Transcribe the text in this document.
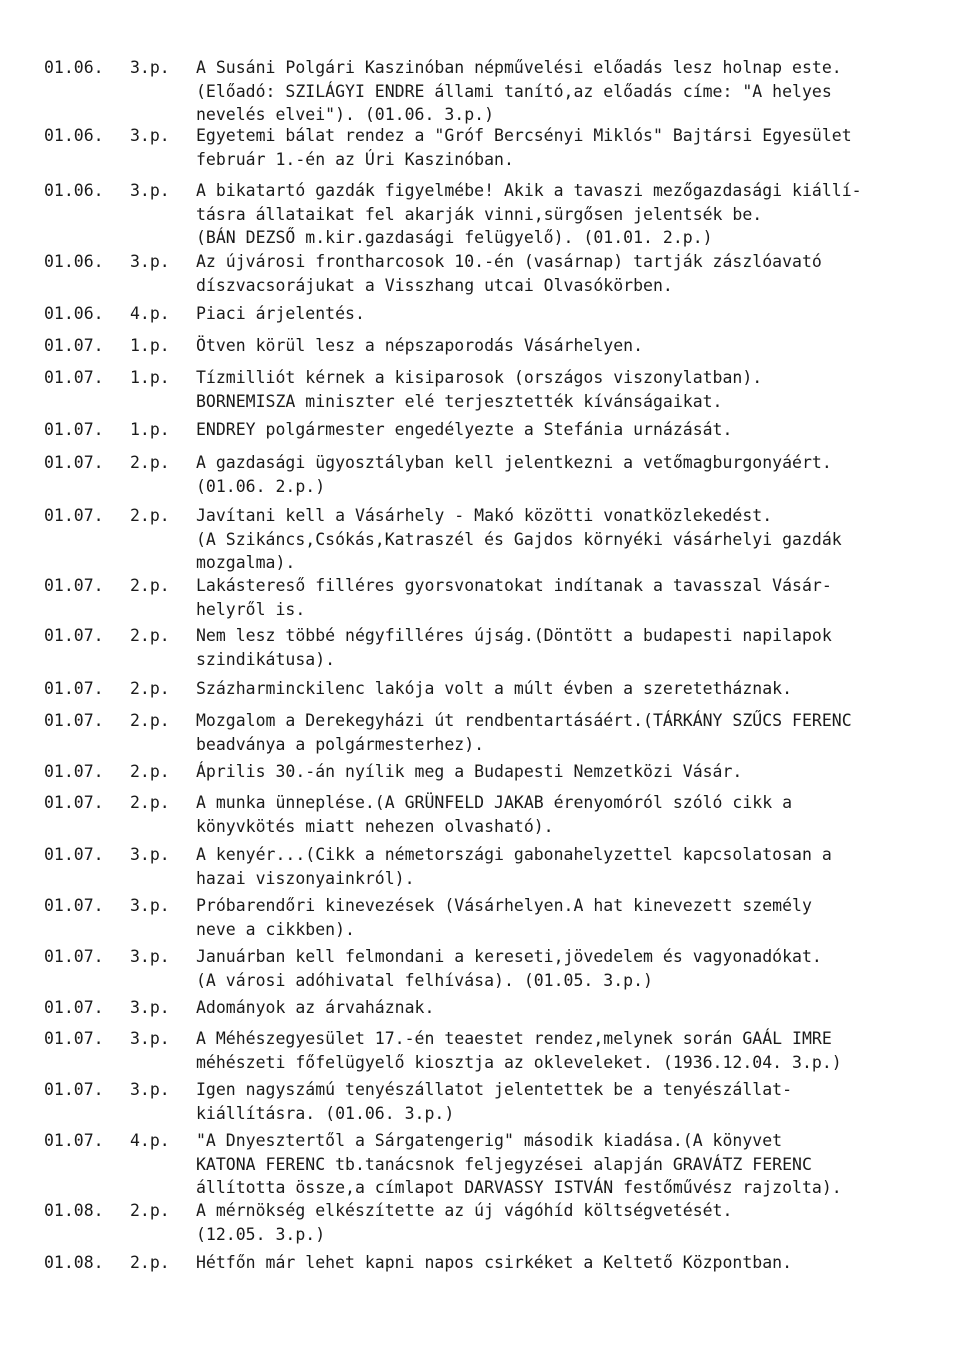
01.06. 3.p. A Susáni Polgári Kaszinóban népművelési előadás lesz holnap este.
(Előadó: SZILÁGYI ENDRE állami tanító,az előadás címe: "A helyes
nevelés elvei"). (01.06. 3.p.)
01.06. 3.p. Egyetemi bálat rendez a "Gróf Bercsényi Miklós" Bajtársi Egyesület
február 1.-én az Úri Kaszinóban.
01.06. 3.p. A bikatartó gazdák figyelmébe! Akik a tavaszi mezőgazdasági kiállí-
tásra állataikat fel akarják vinni,sürgősen jelentsék be.
(BÁN DEZSŐ m.kir.gazdasági felügyelő). (01.01. 2.p.)
01.06. 3.p. Az újvárosi frontharcosok 10.-én (vasárnap) tartják zászlóavató
díszvacsorájukat a Visszhang utcai Olvasókörben.
01.06. 4.p. Piaci árjelentés.
01.07. 1.p. Ötven körül lesz a népszaporodás Vásárhelyen.
01.07. 1.p. Tízmilliót kérnek a kisiparosok (országos viszonylatban).
BORNEMISZA miniszter elé terjesztették kívánságaikat.
01.07. 1.p. ENDREY polgármester engedélyezte a Stefánia urnázását.
01.07. 2.p. A gazdasági ügyosztályban kell jelentkezni a vetőmagburgonyáért.
(01.06. 2.p.)
01.07. 2.p. Javítani kell a Vásárhely - Makó közötti vonatközlekedést.
(A Szikáncs,Csókás,Katraszél és Gajdos környéki vásárhelyi gazdák
mozgalma).
01.07. 2.p. Lakástereső filléres gyorsvonatokat indítanak a tavasszal Vásár-
helyről is.
01.07. 2.p. Nem lesz többé négyfilléres újság.(Döntött a budapesti napilapok
szindikátusa).
01.07. 2.p. Százharminckilenc lakója volt a múlt évben a szeretetháznak.
01.07. 2.p. Mozgalom a Derekegyházi út rendbentartásáért.(TÁRKÁNY SZŰCS FERENC
beadványa a polgármesterhez).
01.07. 2.p. Április 30.-án nyílik meg a Budapesti Nemzetközi Vásár.
01.07. 2.p. A munka ünneplése.(A GRÜNFELD JAKAB érenyomóról szóló cikk a
könyvkötés miatt nehezen olvasható).
01.07. 3.p. A kenyér...(Cikk a németországi gabonahelyzettel kapcsolatosan a
hazai viszonyainkról).
01.07. 3.p. Próbarendőri kinevezések (Vásárhelyen.A hat kinevezett személy
neve a cikkben).
01.07. 3.p. Januárban kell felmondani a kereseti,jövedelem és vagyonadókat.
(A városi adóhivatal felhívása). (01.05. 3.p.)
01.07. 3.p. Adományok az árvaháznak.
01.07. 3.p. A Méhészegyesület 17.-én teaestet rendez,melynek során GAÁL IMRE
méhészeti főfelügyelő kiosztja az okleveleket. (1936.12.04. 3.p.)
01.07. 3.p. Igen nagyszámú tenyészállatot jelentettek be a tenyészállat-
kiállításra. (01.06. 3.p.)
01.07. 4.p. "A Dnyesztertől a Sárgatengerig" második kiadása.(A könyvet
KATONA FERENC tb.tanácsnok feljegyzései alapján GRAVÁTZ FERENC
állította össze,a címlapot DARVASSY ISTVÁN festőművész rajzolta).
01.08. 2.p. A mérnökség elkészítette az új vágóhíd költségvetését.
(12.05. 3.p.)
01.08. 2.p. Hétfőn már lehet kapni napos csirkéket a Keltető Központban.
